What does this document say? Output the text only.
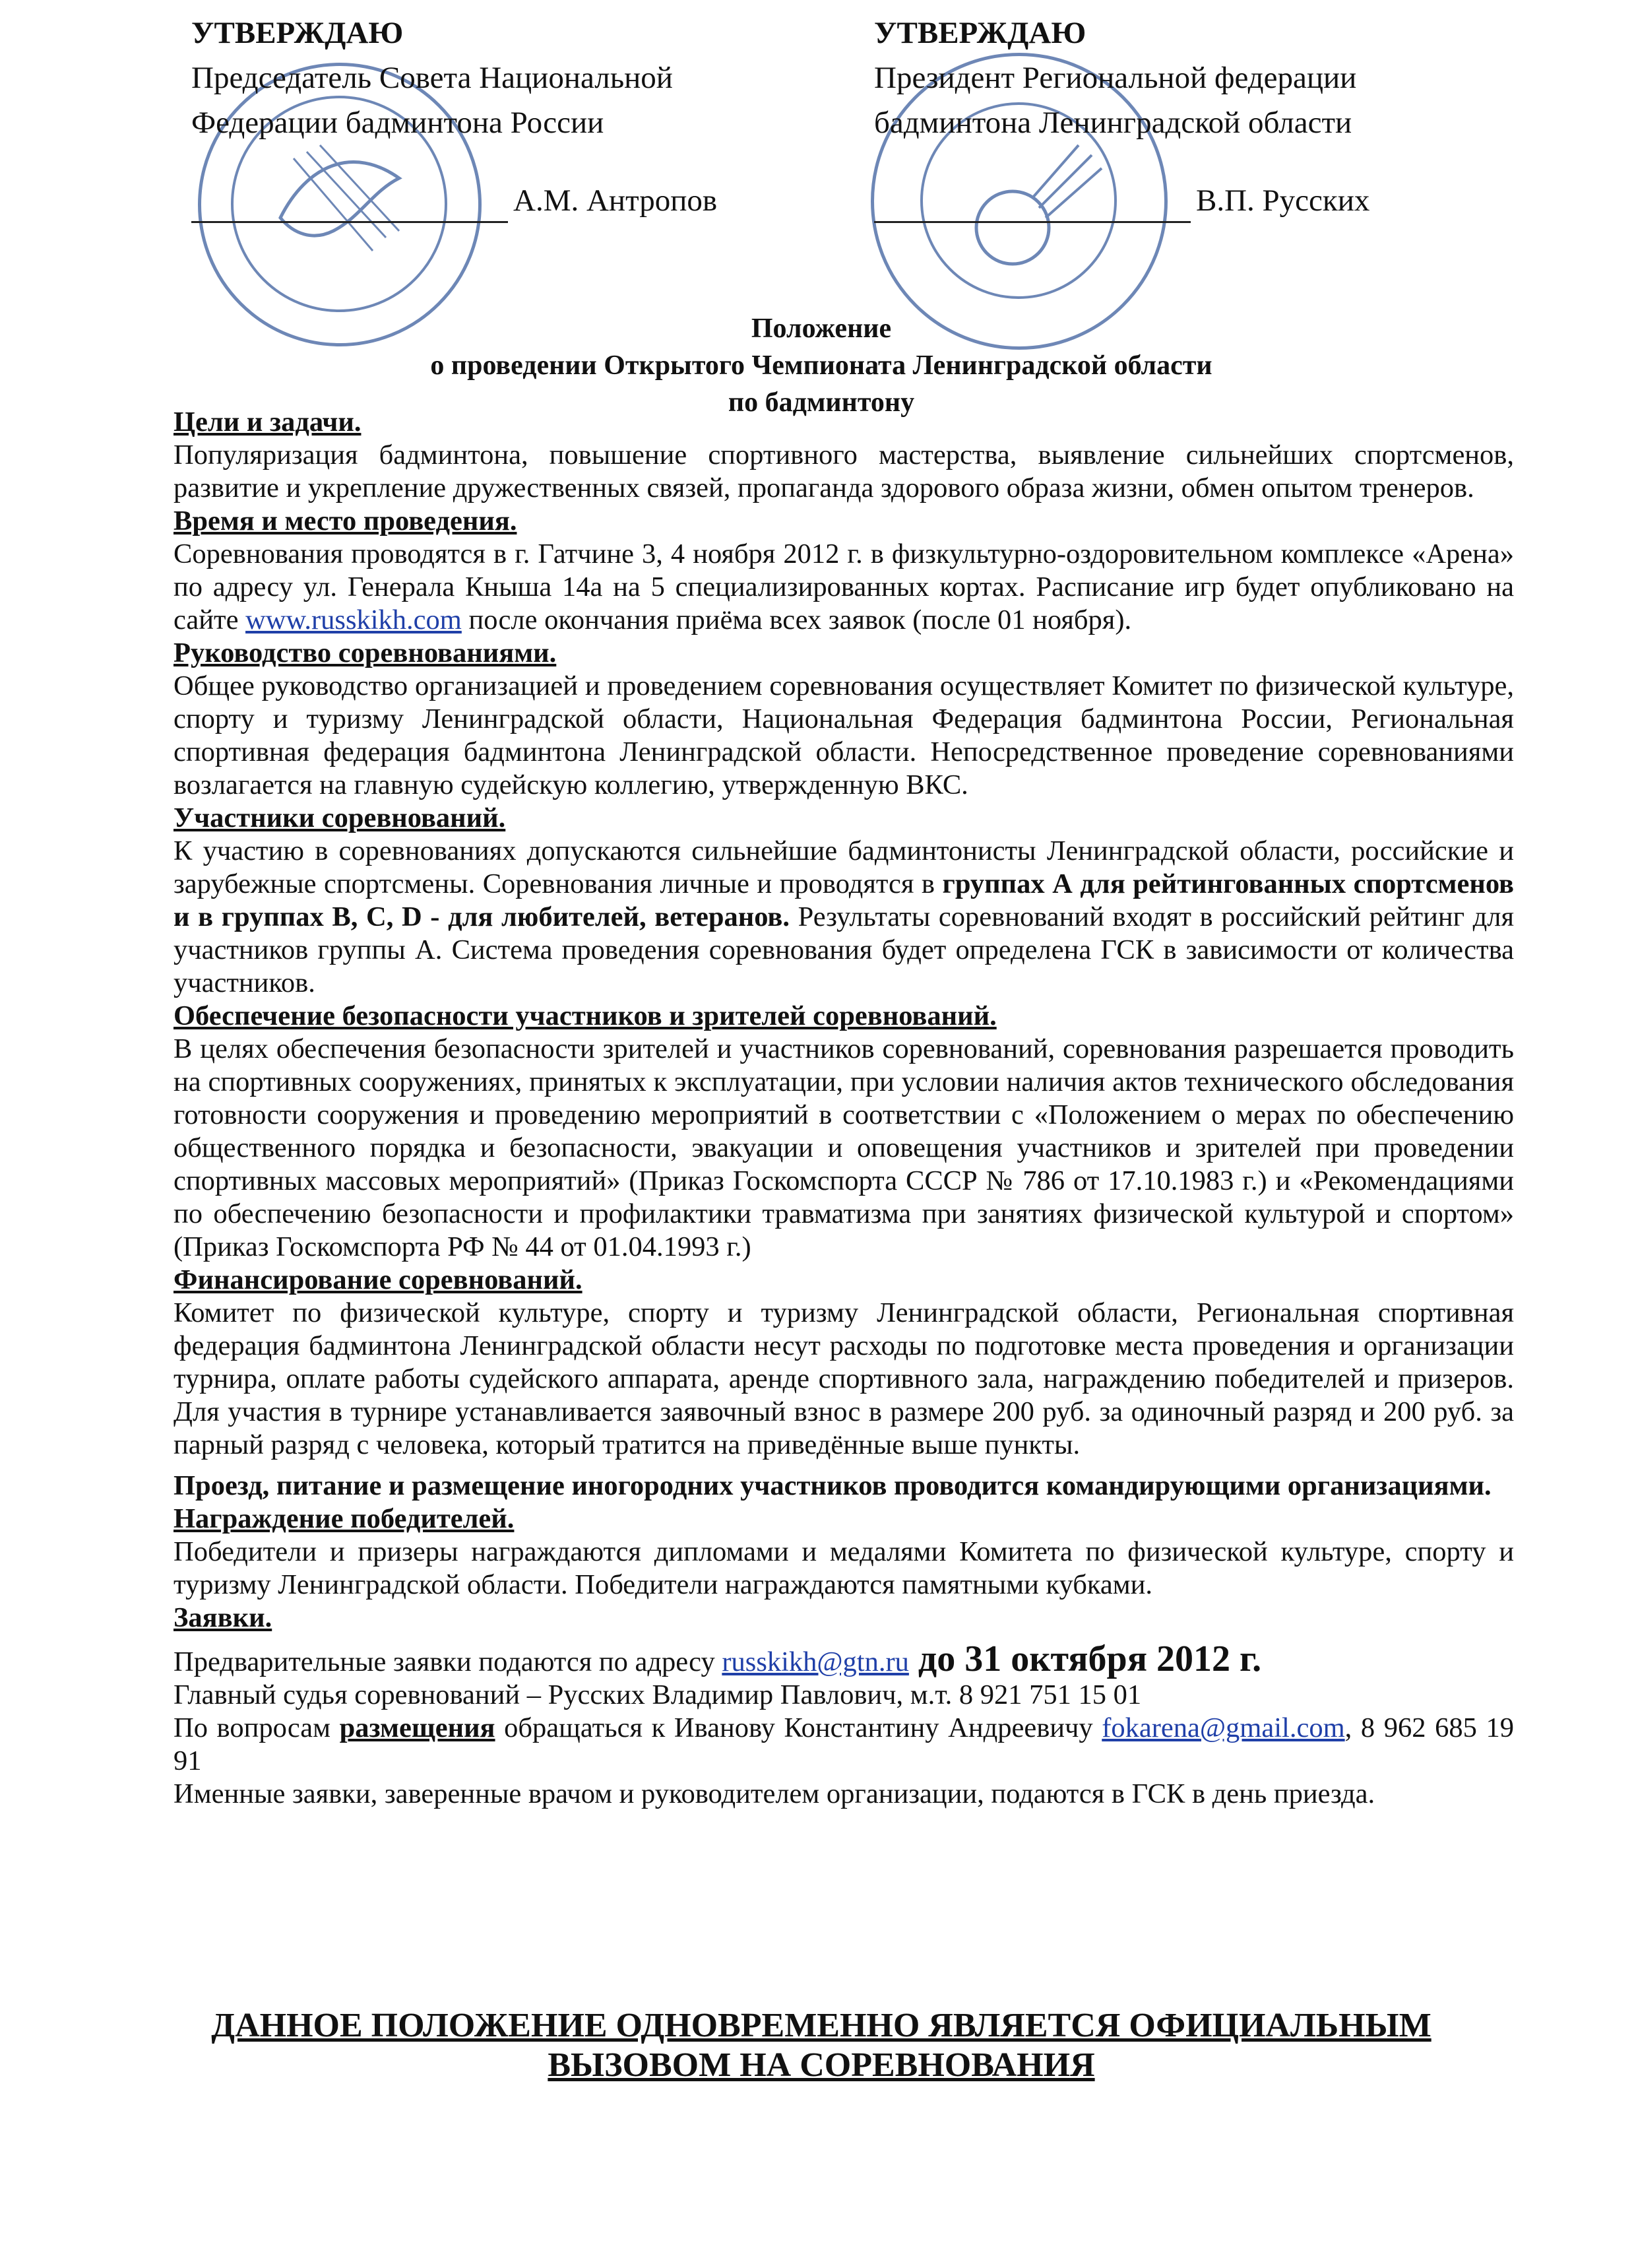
УТВЕРЖДАЮ
Председатель Совета Национальной
Федерации бадминтона России
А.М. Антропов
УТВЕРЖДАЮ
Президент Региональной федерации
бадминтона Ленинградской области
В.П. Русских
Положение
о проведении Открытого Чемпионата Ленинградской области
по бадминтону
Цели и задачи.

Популяризация бадминтона, повышение спортивного мастерства, выявление сильнейших спортсменов, развитие и укрепление дружественных связей, пропаганда здорового образа жизни, обмен опытом тренеров.

Время и место проведения.

Соревнования проводятся в г. Гатчине 3, 4 ноября 2012 г. в физкультурно-оздоровительном комплексе «Арена» по адресу ул. Генерала Кныша 14а на 5 специализированных кортах. Расписание игр будет опубликовано на сайте www.russkikh.com после окончания приёма всех заявок (после 01 ноября).

Руководство соревнованиями.

Общее руководство организацией и проведением соревнования осуществляет Комитет по физической культуре, спорту и туризму Ленинградской области, Национальная Федерация бадминтона России, Региональная спортивная федерация бадминтона Ленинградской области. Непосредственное проведение соревнованиями возлагается на главную судейскую коллегию, утвержденную ВКС.

Участники соревнований.

К участию в соревнованиях допускаются сильнейшие бадминтонисты Ленинградской области, российские и зарубежные спортсмены. Соревнования личные и проводятся в группах А для рейтингованных спортсменов и в группах В, С, D - для любителей, ветеранов. Результаты соревнований входят в российский рейтинг для участников группы А. Система проведения соревнования будет определена ГСК в зависимости от количества участников.

Обеспечение безопасности участников и зрителей соревнований.

В целях обеспечения безопасности зрителей и участников соревнований, соревнования разрешается проводить на спортивных сооружениях, принятых к эксплуатации, при условии наличия актов технического обследования готовности сооружения и проведению мероприятий в соответствии с «Положением о мерах по обеспечению общественного порядка и безопасности, эвакуации и оповещения участников и зрителей при проведении спортивных массовых мероприятий» (Приказ Госкомспорта СССР № 786 от 17.10.1983 г.) и «Рекомендациями по обеспечению безопасности и профилактики травматизма при занятиях физической культурой и спортом» (Приказ Госкомспорта РФ № 44 от 01.04.1993 г.)

Финансирование соревнований.

Комитет по физической культуре, спорту и туризму Ленинградской области, Региональная спортивная федерация бадминтона Ленинградской области несут расходы по подготовке места проведения и организации турнира, оплате работы судейского аппарата, аренде спортивного зала, награждению победителей и призеров. Для участия в турнире устанавливается заявочный взнос в размере 200 руб. за одиночный разряд и 200 руб. за парный разряд с человека, который тратится на приведённые выше пункты.

Проезд, питание и размещение иногородних участников проводится командирующими организациями.

Награждение победителей.

Победители и призеры награждаются дипломами и медалями Комитета по физической культуре, спорту и туризму Ленинградской области. Победители награждаются памятными кубками.

Заявки.

Предварительные заявки подаются по адресу russkikh@gtn.ru до 31 октября 2012 г.

Главный судья соревнований – Русских Владимир Павлович, м.т. 8 921 751 15 01

По вопросам размещения обращаться к Иванову Константину Андреевичу fokarena@gmail.com, 8 962 685 19 91

Именные заявки, заверенные врачом и руководителем организации, подаются в ГСК в день приезда.

ДАННОЕ ПОЛОЖЕНИЕ ОДНОВРЕМЕННО ЯВЛЯЕТСЯ ОФИЦИАЛЬНЫМ
ВЫЗОВОМ НА СОРЕВНОВАНИЯ
